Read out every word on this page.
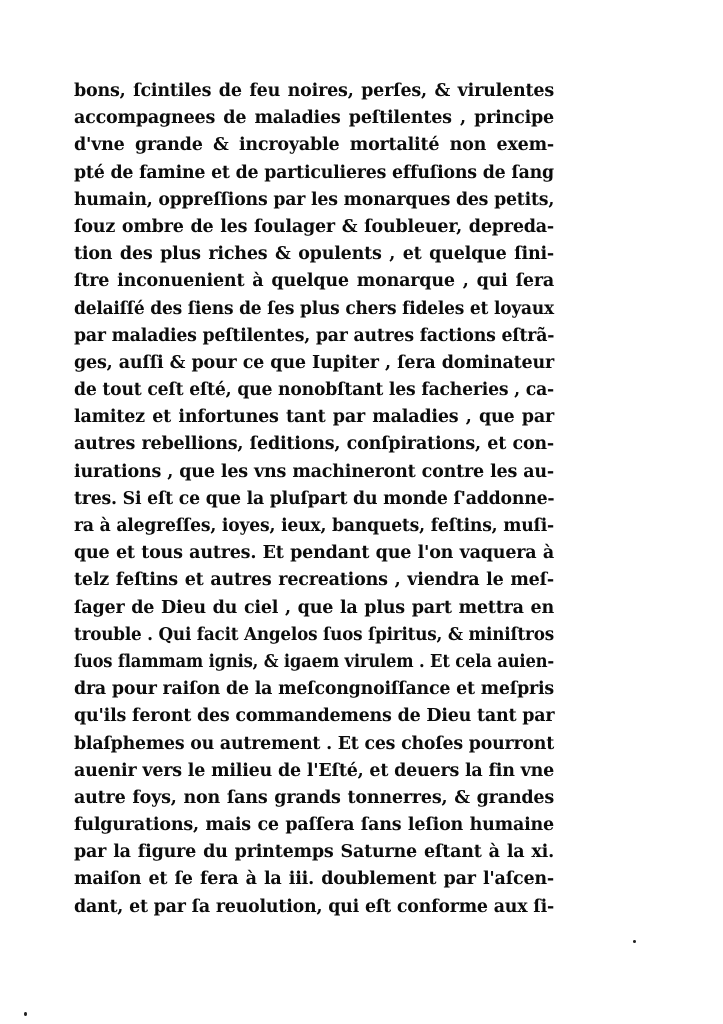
bons, ſcintiles de feu noires, perſes, & virulentes
accompagnees de maladies peſtilentes , principe
d'vne grande & incroyable mortalité non exem-
pté de famine et de particulieres effuſions de ſang
humain, oppreſſions par les monarques des petits,
ſouz ombre de les ſoulager & ſoubleuer, depreda-
tion des plus riches & opulents , et quelque ſini-
ſtre inconuenient à quelque monarque , qui ſera
delaiſſé des ſiens de ſes plus chers fideles et loyaux
par maladies peſtilentes, par autres factions eſtrã-
ges, auſſi & pour ce que Iupiter , ſera dominateur
de tout ceſt eſté, que nonobſtant les facheries , ca-
lamitez et infortunes tant par maladies , que par
autres rebellions, ſeditions, conſpirations, et con-
iurations , que les vns machineront contre les au-
tres. Si eſt ce que la pluſpart du monde ſ'addonne-
ra à alegreſſes, ioyes, ieux, banquets, feſtins, muſi-
que et tous autres. Et pendant que l'on vaquera à
telz feſtins et autres recreations , viendra le meſ-
ſager de Dieu du ciel , que la plus part mettra en
trouble . Qui facit Angelos ſuos ſpiritus, & miniſtros
ſuos flammam ignis, & igaem virulem . Et cela auien-
dra pour raiſon de la meſcongnoiſſance et meſpris
qu'ils feront des commandemens de Dieu tant par
blaſphemes ou autrement . Et ces choſes pourront
auenir vers le milieu de l'Eſté, et deuers la fin vne
autre foys, non ſans grands tonnerres, & grandes
fulgurations, mais ce paſſera ſans leſion humaine
par la figure du printemps Saturne eſtant à la xi.
maiſon et ſe fera à la iii. doublement par l'aſcen-
dant, et par ſa reuolution, qui eſt conforme aux ſi-
